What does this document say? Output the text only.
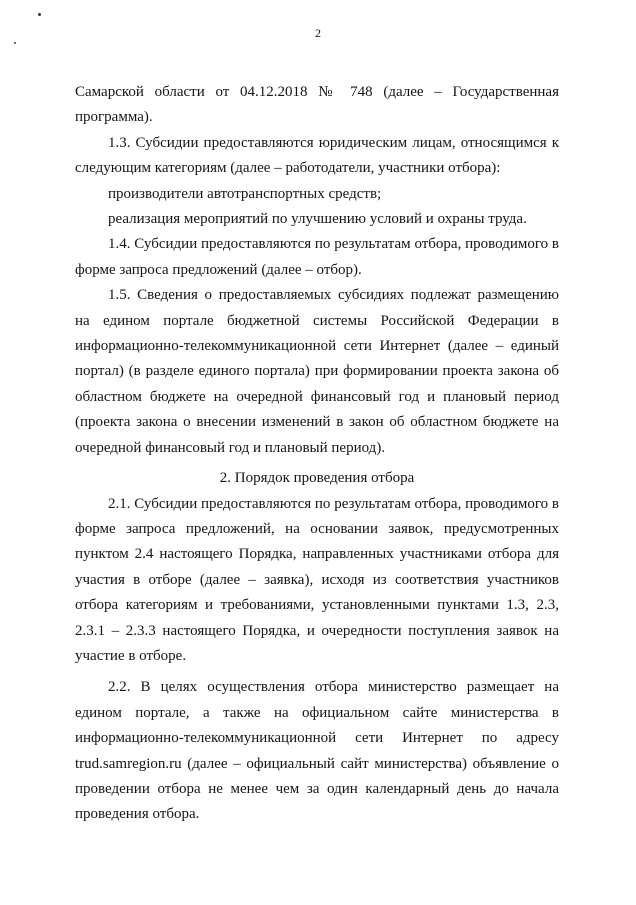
2

Самарской области от 04.12.2018 № 748 (далее – Государственная программа).

1.3. Субсидии предоставляются юридическим лицам, относящимся к следующим категориям (далее – работодатели, участники отбора):

производители автотранспортных средств;

реализация мероприятий по улучшению условий и охраны труда.

1.4. Субсидии предоставляются по результатам отбора, проводимого в форме запроса предложений (далее – отбор).

1.5. Сведения о предоставляемых субсидиях подлежат размещению на едином портале бюджетной системы Российской Федерации в информационно-телекоммуникационной сети Интернет (далее – единый портал) (в разделе единого портала) при формировании проекта закона об областном бюджете на очередной финансовый год и плановый период (проекта закона о внесении изменений в закон об областном бюджете на очередной финансовый год и плановый период).

2. Порядок проведения отбора

2.1. Субсидии предоставляются по результатам отбора, проводимого в форме запроса предложений, на основании заявок, предусмотренных пунктом 2.4 настоящего Порядка, направленных участниками отбора для участия в отборе (далее – заявка), исходя из соответствия участников отбора категориям и требованиями, установленными пунктами 1.3, 2.3, 2.3.1 – 2.3.3 настоящего Порядка, и очередности поступления заявок на участие в отборе.

2.2. В целях осуществления отбора министерство размещает на едином портале, а также на официальном сайте министерства в информационно-телекоммуникационной сети Интернет по адресу trud.samregion.ru (далее – официальный сайт министерства) объявление о проведении отбора не менее чем за один календарный день до начала проведения отбора.
